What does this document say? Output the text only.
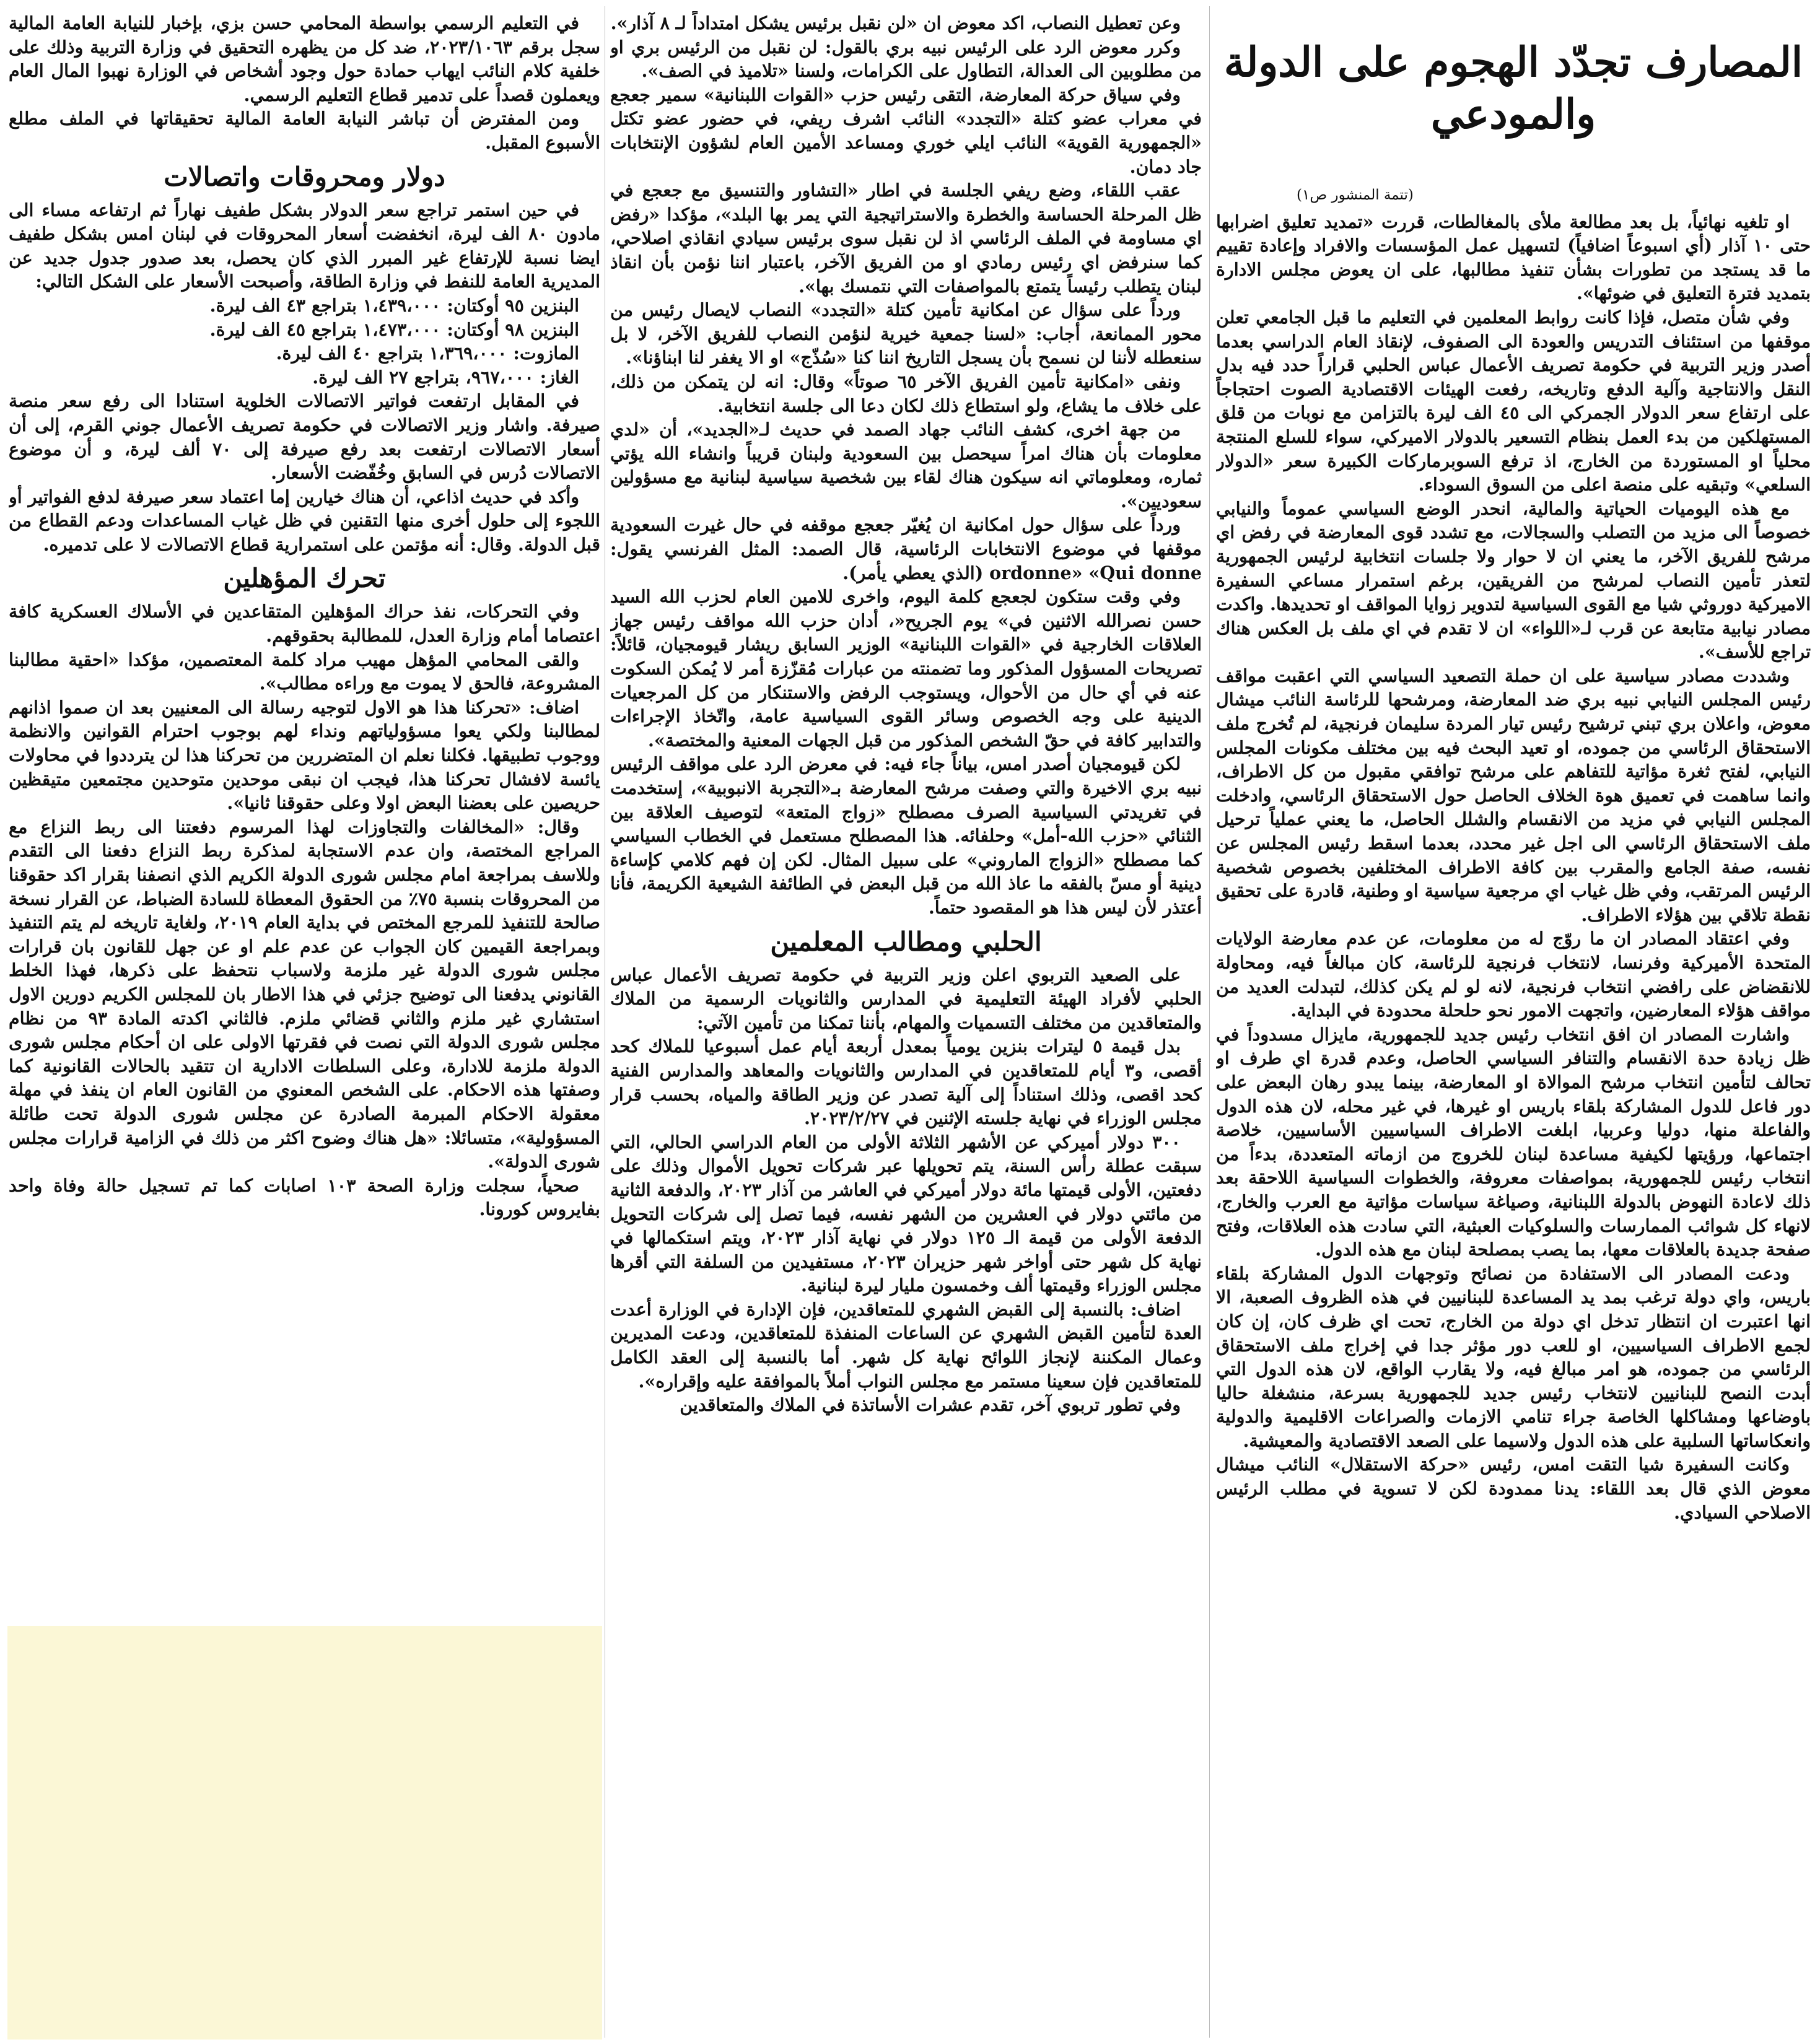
المصارف تجدّد الهجوم على الدولة والمودعي
(تتمة المنشور ص١)

او تلغيه نهائياً، بل بعد مطالعة ملأى بالمغالطات، قررت «تمديد تعليق اضرابها حتى ١٠ آذار (أي اسبوعاً اضافياً) لتسهيل عمل المؤسسات والافراد وإعادة تقييم ما قد يستجد من تطورات بشأن تنفيذ مطالبها، على ان يعوض مجلس الادارة بتمديد فترة التعليق في ضوئها».

وفي شأن متصل، فإذا كانت روابط المعلمين في التعليم ما قبل الجامعي تعلن موقفها من استئناف التدريس والعودة الى الصفوف، لإنقاذ العام الدراسي بعدما أصدر وزير التربية في حكومة تصريف الأعمال عباس الحلبي قراراً حدد فيه بدل النقل والانتاجية وآلية الدفع وتاريخه، رفعت الهيئات الاقتصادية الصوت احتجاجاً على ارتفاع سعر الدولار الجمركي الى ٤٥ الف ليرة بالتزامن مع نوبات من قلق المستهلكين من بدء العمل بنظام التسعير بالدولار الاميركي، سواء للسلع المنتجة محلياً او المستوردة من الخارج، اذ ترفع السوبرماركات الكبيرة سعر «الدولار السلعي» وتبقيه على منصة اعلى من السوق السوداء.

مع هذه اليوميات الحياتية والمالية، انحدر الوضع السياسي عموماً والنيابي خصوصاً الى مزيد من التصلب والسجالات، مع تشدد قوى المعارضة في رفض اي مرشح للفريق الآخر، ما يعني ان لا حوار ولا جلسات انتخابية لرئيس الجمهورية لتعذر تأمين النصاب لمرشح من الفريقين، برغم استمرار مساعي السفيرة الاميركية دوروثي شيا مع القوى السياسية لتدوير زوايا المواقف او تحديدها. واكدت مصادر نيابية متابعة عن قرب لـ«اللواء» ان لا تقدم في اي ملف بل العكس هناك تراجع للأسف».

وشددت مصادر سياسية على ان حملة التصعيد السياسي التي اعقبت مواقف رئيس المجلس النيابي نبيه بري ضد المعارضة، ومرشحها للرئاسة النائب ميشال معوض، واعلان بري تبني ترشيح رئيس تيار المردة سليمان فرنجية، لم تُخرج ملف الاستحقاق الرئاسي من جموده، او تعيد البحث فيه بين مختلف مكونات المجلس النيابي، لفتح ثغرة مؤاتية للتفاهم على مرشح توافقي مقبول من كل الاطراف، وانما ساهمت في تعميق هوة الخلاف الحاصل حول الاستحقاق الرئاسي، وادخلت المجلس النيابي في مزيد من الانقسام والشلل الحاصل، ما يعني عملياً ترحيل ملف الاستحقاق الرئاسي الى اجل غير محدد، بعدما اسقط رئيس المجلس عن نفسه، صفة الجامع والمقرب بين كافة الاطراف المختلفين بخصوص شخصية الرئيس المرتقب، وفي ظل غياب اي مرجعية سياسية او وطنية، قادرة على تحقيق نقطة تلاقي بين هؤلاء الاطراف.

وفي اعتقاد المصادر ان ما روّج له من معلومات، عن عدم معارضة الولايات المتحدة الأميركية وفرنسا، لانتخاب فرنجية للرئاسة، كان مبالغاً فيه، ومحاولة للانقضاض على رافضي انتخاب فرنجية، لانه لو لم يكن كذلك، لتبدلت العديد من مواقف هؤلاء المعارضين، واتجهت الامور نحو حلحلة محدودة في البداية.

واشارت المصادر ان افق انتخاب رئيس جديد للجمهورية، مايزال مسدوداً في ظل زيادة حدة الانقسام والتنافر السياسي الحاصل، وعدم قدرة اي طرف او تحالف لتأمين انتخاب مرشح الموالاة او المعارضة، بينما يبدو رهان البعض على دور فاعل للدول المشاركة بلقاء باريس او غيرها، في غير محله، لان هذه الدول والفاعلة منها، دوليا وعربيا، ابلغت الاطراف السياسيين الأساسيين، خلاصة اجتماعها، ورؤيتها لكيفية مساعدة لبنان للخروج من ازماته المتعددة، بدءاً من انتخاب رئيس للجمهورية، بمواصفات معروفة، والخطوات السياسية اللاحقة بعد ذلك لاعادة النهوض بالدولة اللبنانية، وصياغة سياسات مؤاتية مع العرب والخارج، لانهاء كل شوائب الممارسات والسلوكيات العبثية، التي سادت هذه العلاقات، وفتح صفحة جديدة بالعلاقات معها، بما يصب بمصلحة لبنان مع هذه الدول.

ودعت المصادر الى الاستفادة من نصائح وتوجهات الدول المشاركة بلقاء باريس، واي دولة ترغب بمد يد المساعدة للبنانيين في هذه الظروف الصعبة، الا انها اعتبرت ان انتظار تدخل اي دولة من الخارج، تحت اي ظرف كان، إن كان لجمع الاطراف السياسيين، او للعب دور مؤثر جدا في إخراج ملف الاستحقاق الرئاسي من جموده، هو امر مبالغ فيه، ولا يقارب الواقع، لان هذه الدول التي أبدت النصح للبنانيين لانتخاب رئيس جديد للجمهورية بسرعة، منشغلة حاليا باوضاعها ومشاكلها الخاصة جراء تنامي الازمات والصراعات الاقليمية والدولية وانعكاساتها السلبية على هذه الدول ولاسيما على الصعد الاقتصادية والمعيشية.

وكانت السفيرة شيا التقت امس، رئيس «حركة الاستقلال» النائب ميشال معوض الذي قال بعد اللقاء: يدنا ممدودة لكن لا تسوية في مطلب الرئيس الاصلاحي السيادي.

وعن تعطيل النصاب، اكد معوض ان «لن نقبل برئيس يشكل امتداداً لـ ٨ آذار».

وكرر معوض الرد على الرئيس نبيه بري بالقول: لن نقبل من الرئيس بري او من مطلوبين الى العدالة، التطاول على الكرامات، ولسنا «تلاميذ في الصف».

وفي سياق حركة المعارضة، التقى رئيس حزب «القوات اللبنانية» سمير جعجع في معراب عضو كتلة «التجدد» النائب اشرف ريفي، في حضور عضو تكتل «الجمهورية القوية» النائب ايلي خوري ومساعد الأمين العام لشؤون الإنتخابات جاد دمان.

عقب اللقاء، وضع ريفي الجلسة في اطار «التشاور والتنسيق مع جعجع في ظل المرحلة الحساسة والخطرة والاستراتيجية التي يمر بها البلد»، مؤكدا «رفض اي مساومة في الملف الرئاسي اذ لن نقبل سوى برئيس سيادي انقاذي اصلاحي، كما سنرفض اي رئيس رمادي او من الفريق الآخر، باعتبار اننا نؤمن بأن انقاذ لبنان يتطلب رئيساً يتمتع بالمواصفات التي نتمسك بها».

ورداً على سؤال عن امكانية تأمين كتلة «التجدد» النصاب لايصال رئيس من محور الممانعة، أجاب: «لسنا جمعية خيرية لنؤمن النصاب للفريق الآخر، لا بل سنعطله لأننا لن نسمح بأن يسجل التاريخ اننا كنا «سُذّج» او الا يغفر لنا ابناؤنا».

ونفى «امكانية تأمين الفريق الآخر ٦٥ صوتاً» وقال: انه لن يتمكن من ذلك، على خلاف ما يشاع، ولو استطاع ذلك لكان دعا الى جلسة انتخابية.

من جهة اخرى، كشف النائب جهاد الصمد في حديث لـ«الجديد»، أن «لدي معلومات بأن هناك امراً سيحصل بين السعودية ولبنان قريباً وانشاء الله يؤتي ثماره، ومعلوماتي انه سيكون هناك لقاء بين شخصية سياسية لبنانية مع مسؤولين سعوديين».

ورداً على سؤال حول امكانية ان يُغيّر جعجع موقفه في حال غيرت السعودية موقفها في موضوع الانتخابات الرئاسية، قال الصمد: المثل الفرنسي يقول: ordonne» «Qui donne (الذي يعطي يأمر).

وفي وقت ستكون لجعجع كلمة اليوم، واخرى للامين العام لحزب الله السيد حسن نصرالله الاثنين في» يوم الجريح«، أدان حزب الله مواقف رئيس جهاز العلاقات الخارجية في «القوات اللبنانية» الوزير السابق ريشار قيومجيان، قائلاً: تصريحات المسؤول المذكور وما تضمنته من عبارات مُقزّزة أمر لا يُمكن السكوت عنه في أي حال من الأحوال، ويستوجب الرفض والاستنكار من كل المرجعيات الدينية على وجه الخصوص وسائر القوى السياسية عامة، واتّخاذ الإجراءات والتدابير كافة في حقّ الشخص المذكور من قبل الجهات المعنية والمختصة».

لكن قيومجيان أصدر امس، بياناً جاء فيه: في معرض الرد على مواقف الرئيس نبيه بري الاخيرة والتي وصفت مرشح المعارضة بـ«التجربة الانبوبية»، إستخدمت في تغريدتي السياسية الصرف مصطلح «زواج المتعة» لتوصيف العلاقة بين الثنائي «حزب الله-أمل» وحلفائه. هذا المصطلح مستعمل في الخطاب السياسي كما مصطلح «الزواج الماروني» على سبيل المثال. لكن إن فهم كلامي كإساءة دينية أو مسّ بالفقه ما عاذ الله من قبل البعض في الطائفة الشيعية الكريمة، فأنا أعتذر لأن ليس هذا هو المقصود حتماً.

الحلبي ومطالب المعلمين

على الصعيد التربوي اعلن وزير التربية في حكومة تصريف الأعمال عباس الحلبي لأفراد الهيئة التعليمية في المدارس والثانويات الرسمية من الملاك والمتعاقدين من مختلف التسميات والمهام، بأننا تمكنا من تأمين الآتي:

بدل قيمة ٥ ليترات بنزين يومياً بمعدل أربعة أيام عمل أسبوعيا للملاك كحد أقصى، و٣ أيام للمتعاقدين في المدارس والثانويات والمعاهد والمدارس الفنية كحد اقصى، وذلك استناداً إلى آلية تصدر عن وزير الطاقة والمياه، بحسب قرار مجلس الوزراء في نهاية جلسته الإثنين في ٢٠٢٣/٢/٢٧.

٣٠٠ دولار أميركي عن الأشهر الثلاثة الأولى من العام الدراسي الحالي، التي سبقت عطلة رأس السنة، يتم تحويلها عبر شركات تحويل الأموال وذلك على دفعتين، الأولى قيمتها مائة دولار أميركي في العاشر من آذار ٢٠٢٣، والدفعة الثانية من مائتي دولار في العشرين من الشهر نفسه، فيما تصل إلى شركات التحويل الدفعة الأولى من قيمة الـ ١٢٥ دولار في نهاية آذار ٢٠٢٣، ويتم استكمالها في نهاية كل شهر حتى أواخر شهر حزيران ٢٠٢٣، مستفيدين من السلفة التي أقرها مجلس الوزراء وقيمتها ألف وخمسون مليار ليرة لبنانية.

اضاف: بالنسبة إلى القبض الشهري للمتعاقدين، فإن الإدارة في الوزارة أعدت العدة لتأمين القبض الشهري عن الساعات المنفذة للمتعاقدين، ودعت المديرين وعمال المكننة لإنجاز اللوائح نهاية كل شهر. أما بالنسبة إلى العقد الكامل للمتعاقدين فإن سعينا مستمر مع مجلس النواب أملاً بالموافقة عليه وإقراره».

وفي تطور تربوي آخر، تقدم عشرات الأساتذة في الملاك والمتعاقدين

في التعليم الرسمي بواسطة المحامي حسن بزي، بإخبار للنيابة العامة المالية سجل برقم ٢٠٢٣/١٠٦٣، ضد كل من يظهره التحقيق في وزارة التربية وذلك على خلفية كلام النائب ايهاب حمادة حول وجود أشخاص في الوزارة نهبوا المال العام ويعملون قصداً على تدمير قطاع التعليم الرسمي.

ومن المفترض أن تباشر النيابة العامة المالية تحقيقاتها في الملف مطلع الأسبوع المقبل.

دولار ومحروقات واتصالات

في حين استمر تراجع سعر الدولار بشكل طفيف نهاراً ثم ارتفاعه مساء الى مادون ٨٠ الف ليرة، انخفضت أسعار المحروقات في لبنان امس بشكل طفيف ايضا نسبة للإرتفاع غير المبرر الذي كان يحصل، بعد صدور جدول جديد عن المديرية العامة للنفط في وزارة الطاقة، وأصبحت الأسعار على الشكل التالي:

البنزين ٩٥ أوكتان: ١،٤٣٩،٠٠٠ بتراجع ٤٣ الف ليرة.

البنزين ٩٨ أوكتان: ١،٤٧٣،٠٠٠ بتراجع ٤٥ الف ليرة.

المازوت: ١،٣٦٩،٠٠٠ بتراجع ٤٠ الف ليرة.

الغاز: ٩٦٧،٠٠٠، بتراجع ٢٧ الف ليرة.

في المقابل ارتفعت فواتير الاتصالات الخلوية استنادا الى رفع سعر منصة صيرفة. واشار وزير الاتصالات في حكومة تصريف الأعمال جوني القرم، إلى أن أسعار الاتصالات ارتفعت بعد رفع صيرفة إلى ٧٠ ألف ليرة، و أن موضوع الاتصالات دُرس في السابق وخُفّضت الأسعار.

وأكد في حديث اذاعي، أن هناك خيارين إما اعتماد سعر صيرفة لدفع الفواتير أو اللجوء إلى حلول أخرى منها التقنين في ظل غياب المساعدات ودعم القطاع من قبل الدولة. وقال: أنه مؤتمن على استمرارية قطاع الاتصالات لا على تدميره.

تحرك المؤهلين

وفي التحركات، نفذ حراك المؤهلين المتقاعدين في الأسلاك العسكرية كافة اعتصاما أمام وزارة العدل، للمطالبة بحقوقهم.

والقى المحامي المؤهل مهيب مراد كلمة المعتصمين، مؤكدا «احقية مطالبنا المشروعة، فالحق لا يموت مع وراءه مطالب».

اضاف: «تحركنا هذا هو الاول لتوجيه رسالة الى المعنيين بعد ان صموا اذانهم لمطالبنا ولكي يعوا مسؤولياتهم ونداء لهم بوجوب احترام القوانين والانظمة ووجوب تطبيقها. فكلنا نعلم ان المتضررين من تحركنا هذا لن يترددوا في محاولات يائسة لافشال تحركنا هذا، فيجب ان نبقى موحدين متوحدين مجتمعين متيقظين حريصين على بعضنا البعض اولا وعلى حقوقنا ثانيا».

وقال: «المخالفات والتجاوزات لهذا المرسوم دفعتنا الى ربط النزاع مع المراجع المختصة، وان عدم الاستجابة لمذكرة ربط النزاع دفعنا الى التقدم وللاسف بمراجعة امام مجلس شورى الدولة الكريم الذي انصفنا بقرار اكد حقوقنا من المحروقات بنسبة ٧٥٪ من الحقوق المعطاة للسادة الضباط، عن القرار نسخة صالحة للتنفيذ للمرجع المختص في بداية العام ٢٠١٩، ولغاية تاريخه لم يتم التنفيذ وبمراجعة القيمين كان الجواب عن عدم علم او عن جهل للقانون بان قرارات مجلس شورى الدولة غير ملزمة ولاسباب نتحفظ على ذكرها، فهذا الخلط القانوني يدفعنا الى توضيح جزئي في هذا الاطار بان للمجلس الكريم دورين الاول استشاري غير ملزم والثاني قضائي ملزم. فالثاني اكدته المادة ٩٣ من نظام مجلس شورى الدولة التي نصت في فقرتها الاولى على ان أحكام مجلس شورى الدولة ملزمة للادارة، وعلى السلطات الادارية ان تتقيد بالحالات القانونية كما وصفتها هذه الاحكام. على الشخص المعنوي من القانون العام ان ينفذ في مهلة معقولة الاحكام المبرمة الصادرة عن مجلس شورى الدولة تحت طائلة المسؤولية»، متسائلا: «هل هناك وضوح اكثر من ذلك في الزامية قرارات مجلس شورى الدولة».

صحياً، سجلت وزارة الصحة ١٠٣ اصابات كما تم تسجيل حالة وفاة واحد بفايروس كورونا.
